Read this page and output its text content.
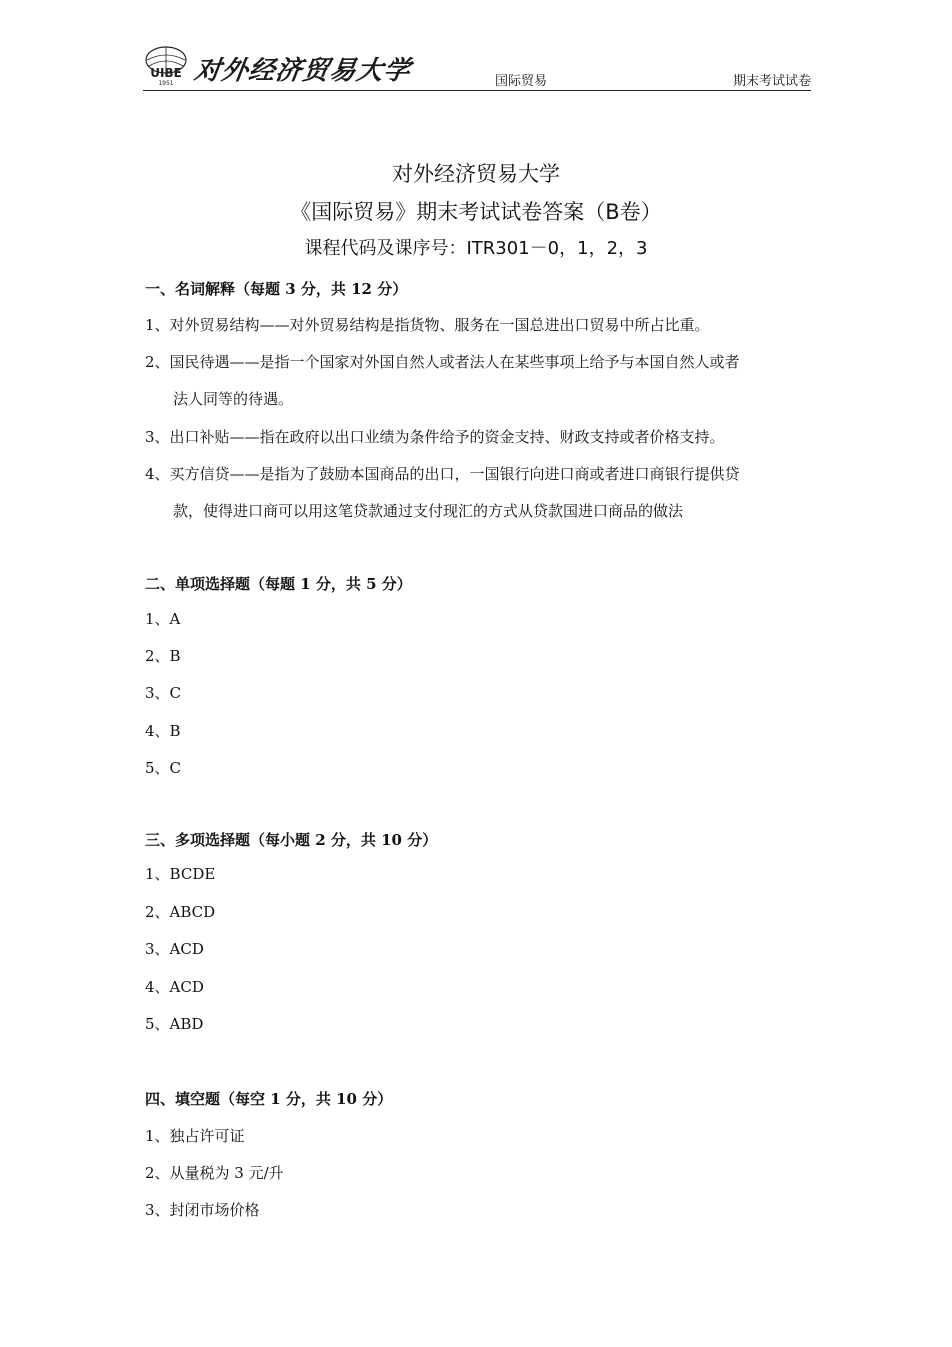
UIBE
1951 对外经济贸易大学	国际贸易	期末考试试卷
对外经济贸易大学
《国际贸易》期末考试试卷答案（B卷）
课程代码及课序号：ITR301－0，1，2，3
一、名词解释（每题 3 分，共 12 分）
1、对外贸易结构——对外贸易结构是指货物、服务在一国总进出口贸易中所占比重。
2、国民待遇——是指一个国家对外国自然人或者法人在某些事项上给予与本国自然人或者
法人同等的待遇。
3、出口补贴——指在政府以出口业绩为条件给予的资金支持、财政支持或者价格支持。
4、买方信贷——是指为了鼓励本国商品的出口，一国银行向进口商或者进口商银行提供贷
款，使得进口商可以用这笔贷款通过支付现汇的方式从贷款国进口商品的做法
二、单项选择题（每题 1 分，共 5 分）
1、A
2、B
3、C
4、B
5、C
三、多项选择题（每小题 2 分，共 10 分）
1、BCDE
2、ABCD
3、ACD
4、ACD
5、ABD
四、填空题（每空 1 分，共 10 分）
1、独占许可证
2、从量税为 3 元/升
3、封闭市场价格
